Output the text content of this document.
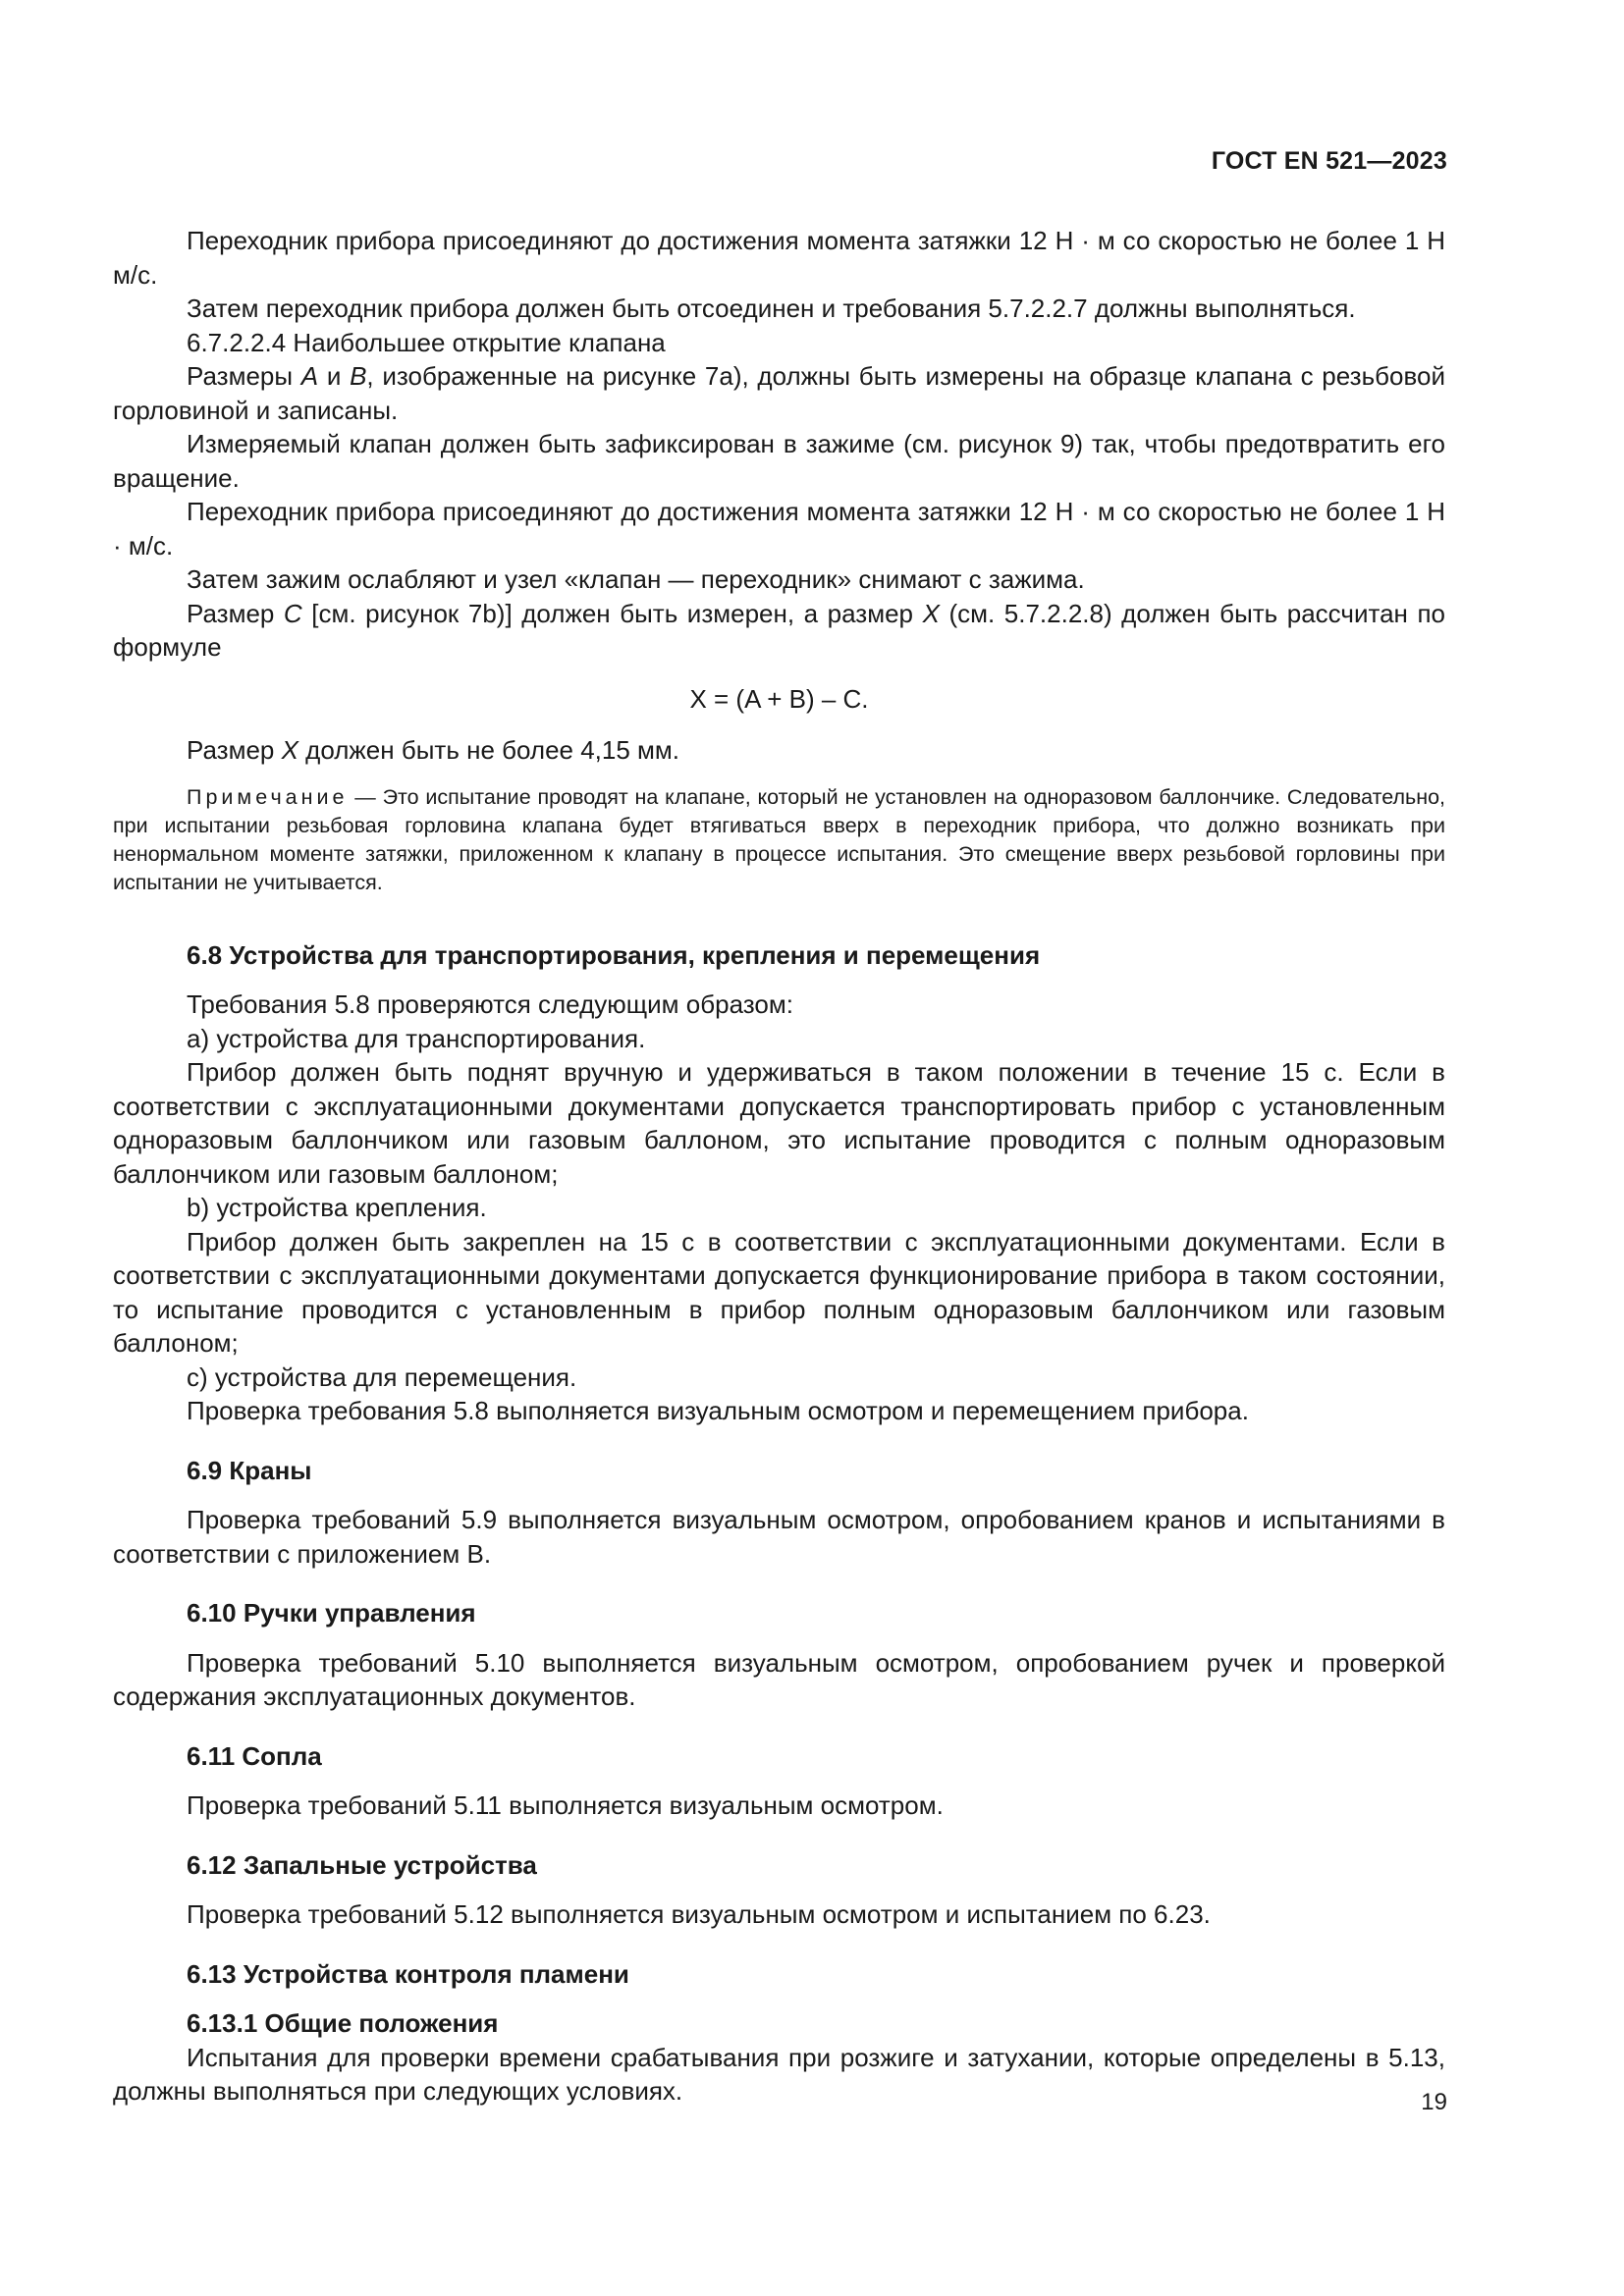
ГОСТ EN 521—2023

Переходник прибора присоединяют до достижения момента затяжки 12 Н · м со скоростью не более 1 Н м/с.

Затем переходник прибора должен быть отсоединен и требования 5.7.2.2.7 должны выполняться.

6.7.2.2.4 Наибольшее открытие клапана

Размеры A и B, изображенные на рисунке 7а), должны быть измерены на образце клапана с резьбовой горловиной и записаны.

Измеряемый клапан должен быть зафиксирован в зажиме (см. рисунок 9) так, чтобы предотвратить его вращение.

Переходник прибора присоединяют до достижения момента затяжки 12 Н · м со скоростью не более 1 Н · м/с.

Затем зажим ослабляют и узел «клапан — переходник» снимают с зажима.

Размер C [см. рисунок 7b)] должен быть измерен, а размер X (см. 5.7.2.2.8) должен быть рассчитан по формуле

X = (A + B) – C.

Размер X должен быть не более 4,15 мм.

Примечание — Это испытание проводят на клапане, который не установлен на одноразовом баллончике. Следовательно, при испытании резьбовая горловина клапана будет втягиваться вверх в переходник прибора, что должно возникать при ненормальном моменте затяжки, приложенном к клапану в процессе испытания. Это смещение вверх резьбовой горловины при испытании не учитывается.

6.8 Устройства для транспортирования, крепления и перемещения

Требования 5.8 проверяются следующим образом:

a) устройства для транспортирования.

Прибор должен быть поднят вручную и удерживаться в таком положении в течение 15 с. Если в соответствии с эксплуатационными документами допускается транспортировать прибор с установленным одноразовым баллончиком или газовым баллоном, это испытание проводится с полным одноразовым баллончиком или газовым баллоном;

b) устройства крепления.

Прибор должен быть закреплен на 15 с в соответствии с эксплуатационными документами. Если в соответствии с эксплуатационными документами допускается функционирование прибора в таком состоянии, то испытание проводится с установленным в прибор полным одноразовым баллончиком или газовым баллоном;

c) устройства для перемещения.

Проверка требования 5.8 выполняется визуальным осмотром и перемещением прибора.

6.9 Краны

Проверка требований 5.9 выполняется визуальным осмотром, опробованием кранов и испытаниями в соответствии с приложением В.

6.10 Ручки управления

Проверка требований 5.10 выполняется визуальным осмотром, опробованием ручек и проверкой содержания эксплуатационных документов.

6.11 Сопла

Проверка требований 5.11 выполняется визуальным осмотром.

6.12 Запальные устройства

Проверка требований 5.12 выполняется визуальным осмотром и испытанием по 6.23.

6.13 Устройства контроля пламени
6.13.1 Общие положения

Испытания для проверки времени срабатывания при розжиге и затухании, которые определены в 5.13, должны выполняться при следующих условиях.	19
